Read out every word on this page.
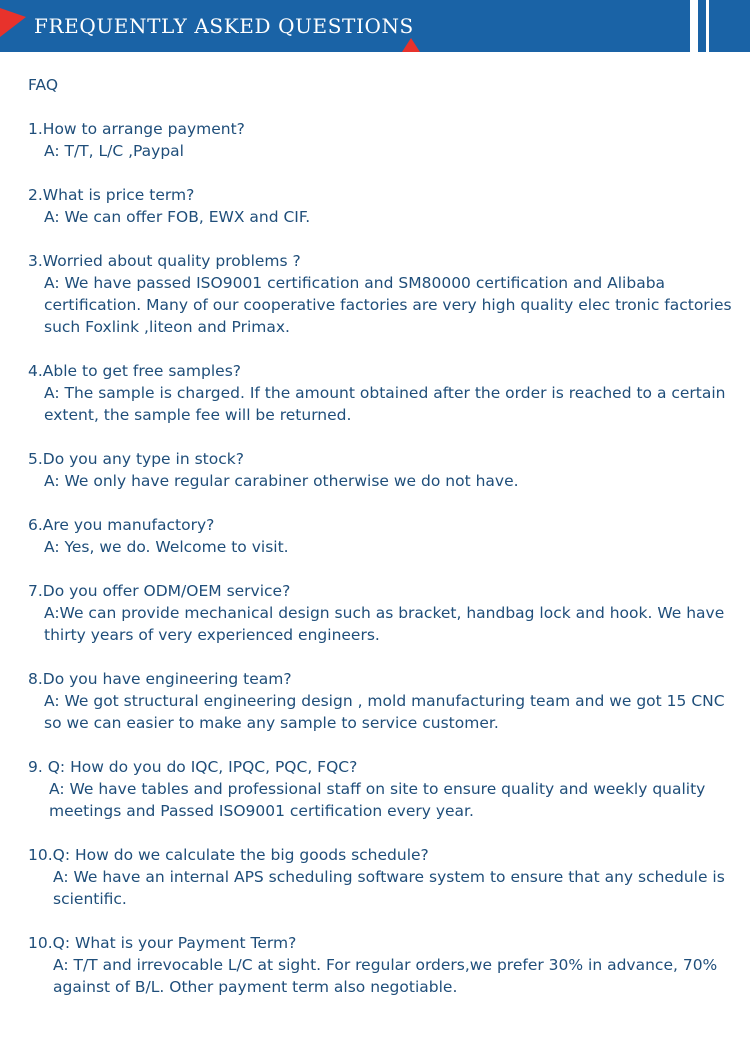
FREQUENTLY ASKED QUESTIONS
FAQ
1.How to arrange payment?
A: T/T, L/C ,Paypal
2.What is price term?
A: We can offer FOB, EWX and CIF.
3.Worried about quality problems ?
A: We have passed ISO9001 certification and SM80000 certification and Alibaba certification. Many of our cooperative factories are very high quality elec tronic factories such Foxlink ,liteon and Primax.
4.Able to get free samples?
A: The sample is charged. If the amount obtained after the order is reached to a certain extent, the sample fee will be returned.
5.Do you any type in stock?
A: We only have regular carabiner otherwise we do not have.
6.Are you manufactory?
A: Yes, we do. Welcome to visit.
7.Do you offer ODM/OEM service?
A:We can provide mechanical design such as bracket, handbag lock and hook. We have thirty years of very experienced engineers.
8.Do you have engineering team?
A: We got structural engineering design , mold manufacturing team and we got 15 CNC so we can easier to make any sample to service customer.
9. Q: How do you do IQC, IPQC, PQC, FQC?
A: We have tables and professional staff on site to ensure quality and weekly quality meetings and Passed ISO9001 certification every year.
10.Q: How do we calculate the big goods schedule?
A: We have an internal APS scheduling software system to ensure that any schedule is scientific.
10.Q: What is your Payment Term?
A: T/T and irrevocable L/C at sight. For regular orders,we prefer 30% in advance, 70% against of B/L. Other payment term also negotiable.
